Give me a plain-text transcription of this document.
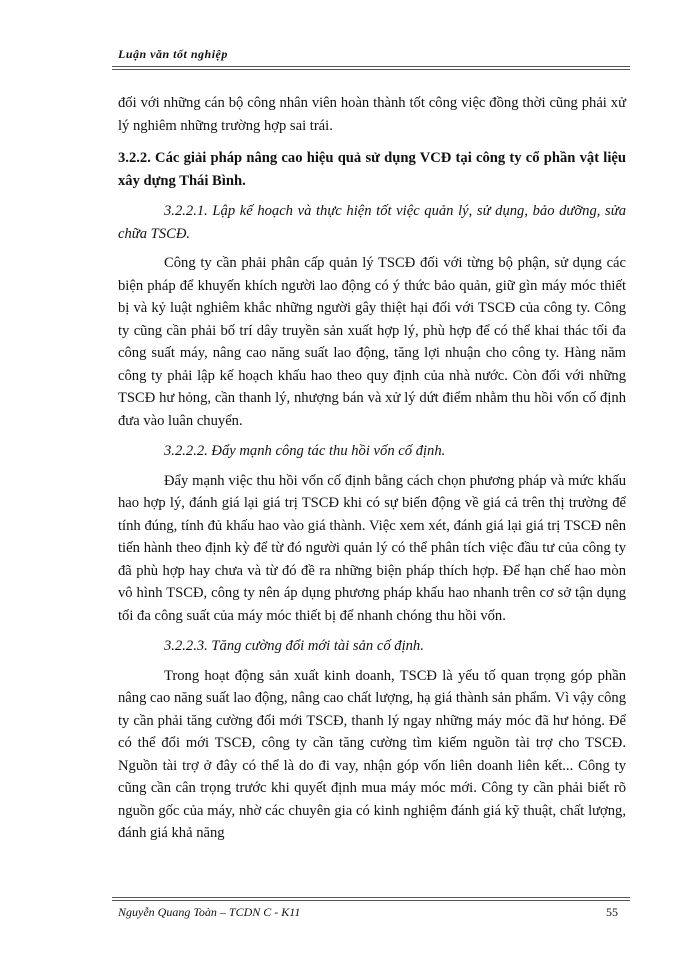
Luận văn tốt nghiệp

đối với những cán bộ công nhân viên hoàn thành tốt công việc đồng thời cũng phải xử lý nghiêm những trường hợp sai trái.

3.2.2. Các giải pháp nâng cao hiệu quả sử dụng VCĐ tại công ty cổ phần vật liệu xây dựng Thái Bình.

3.2.2.1. Lập kế hoạch và thực hiện tốt việc quản lý, sử dụng, bảo dưỡng, sửa chữa TSCĐ.

Công ty cần phải phân cấp quản lý TSCĐ đối với từng bộ phận, sử dụng các biện pháp để khuyến khích người lao động có ý thức bảo quản, giữ gìn máy móc thiết bị và kỷ luật nghiêm khắc những người gây thiệt hại đối với TSCĐ của công ty. Công ty cũng cần phải bố trí dây truyền sản xuất hợp lý, phù hợp để có thể khai thác tối đa công suất máy, nâng cao năng suất lao động, tăng lợi nhuận cho công ty. Hàng năm công ty phải lập kế hoạch khấu hao theo quy định của nhà nước. Còn đối với những TSCĐ hư hỏng, cần thanh lý, nhượng bán và xử lý dứt điểm nhằm thu hồi vốn cố định đưa vào luân chuyển.

3.2.2.2. Đẩy mạnh công tác thu hồi vốn cố định.

Đẩy mạnh việc thu hồi vốn cố định bằng cách chọn phương pháp và mức khấu hao hợp lý, đánh giá lại giá trị TSCĐ khi có sự biến động về giá cả trên thị trường để tính đúng, tính đủ khấu hao vào giá thành. Việc xem xét, đánh giá lại giá trị TSCĐ nên tiến hành theo định kỳ để từ đó người quản lý có thể phân tích việc đầu tư của công ty đã phù hợp hay chưa và từ đó đề ra những biện pháp thích hợp. Để hạn chế hao mòn vô hình TSCĐ, công ty nên áp dụng phương pháp khấu hao nhanh trên cơ sở tận dụng tối đa công suất của máy móc thiết bị để nhanh chóng thu hồi vốn.

3.2.2.3. Tăng cường đổi mới tài sản cố định.

Trong hoạt động sản xuất kinh doanh, TSCĐ là yếu tố quan trọng góp phần nâng cao năng suất lao động, nâng cao chất lượng, hạ giá thành sản phẩm. Vì vậy công ty cần phải tăng cường đổi mới TSCĐ, thanh lý ngay những máy móc đã hư hỏng. Để có thể đổi mới TSCĐ, công ty cần tăng cường tìm kiếm nguồn tài trợ cho TSCĐ. Nguồn tài trợ ở đây có thể là do đi vay, nhận góp vốn liên doanh liên kết... Công ty cũng cần cân trọng trước khi quyết định mua máy móc mới. Công ty cần phải biết rõ nguồn gốc của máy, nhờ các chuyên gia có kinh nghiệm đánh giá kỹ thuật, chất lượng, đánh giá khả năng

Nguyễn Quang Toàn – TCDN C - K11	55
